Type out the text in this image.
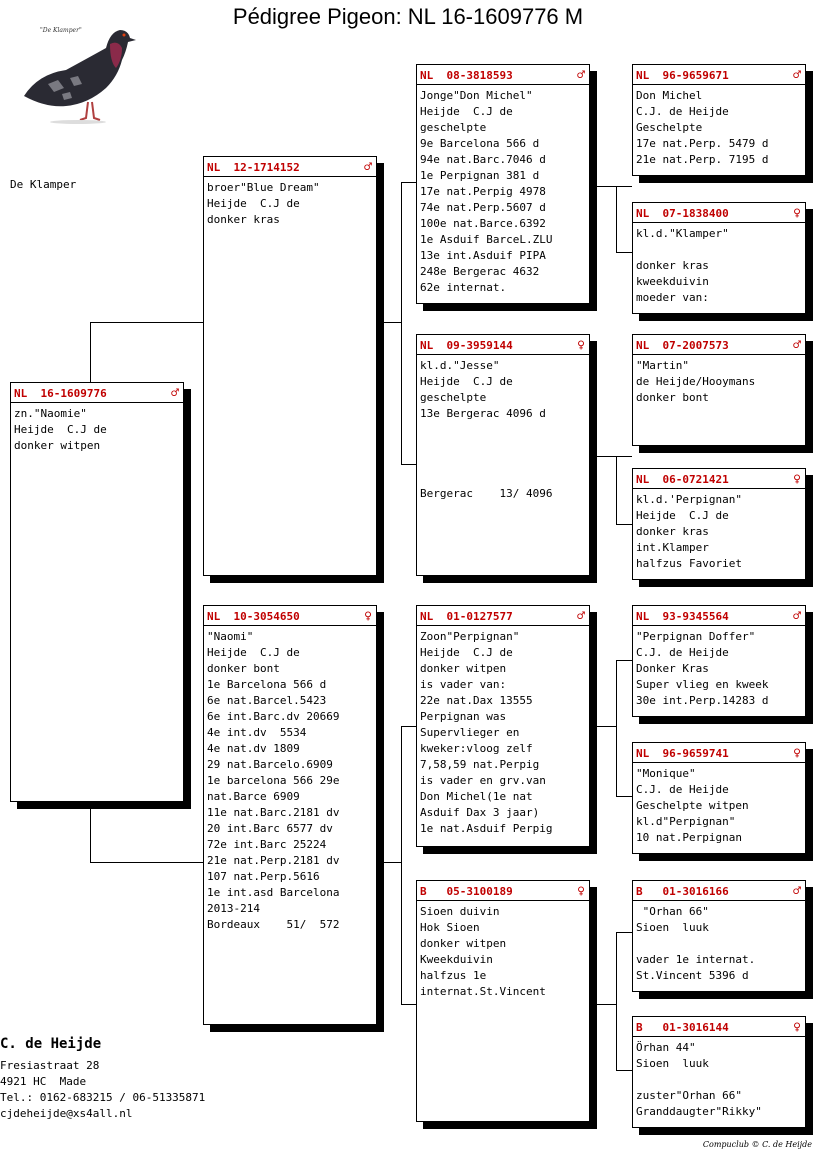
Pédigree Pigeon: NL 16-1609776 M
"De Klamper"
De Klamper
NL  16-1609776	♂
zn."Naomie"
Heijde  C.J de
donker witpen
NL  12-1714152	♂
broer"Blue Dream"
Heijde  C.J de
donker kras
NL  10-3054650	♀
"Naomi"
Heijde  C.J de
donker bont
1e Barcelona 566 d
6e nat.Barcel.5423
6e int.Barc.dv 20669
4e int.dv  5534
4e nat.dv 1809
29 nat.Barcelo.6909
1e barcelona 566 29e
nat.Barce 6909
11e nat.Barc.2181 dv
20 int.Barc 6577 dv
72e int.Barc 25224
21e nat.Perp.2181 dv
107 nat.Perp.5616
1e int.asd Barcelona
2013-214
Bordeaux    51/  572
NL  08-3818593	♂
Jonge"Don Michel"
Heijde  C.J de
geschelpte
9e Barcelona 566 d
94e nat.Barc.7046 d
1e Perpignan 381 d
17e nat.Perpig 4978
74e nat.Perp.5607 d
100e nat.Barce.6392
1e Asduif BarceL.ZLU
13e int.Asduif PIPA
248e Bergerac 4632
62e internat.
NL  09-3959144	♀
kl.d."Jesse"
Heijde  C.J de
geschelpte
13e Bergerac 4096 d

Bergerac    13/ 4096
NL  01-0127577	♂
Zoon"Perpignan"
Heijde  C.J de
donker witpen
is vader van:
22e nat.Dax 13555
Perpignan was
Supervlieger en
kweker:vloog zelf
7,58,59 nat.Perpig
is vader en grv.van
Don Michel(1e nat
Asduif Dax 3 jaar)
1e nat.Asduif Perpig
B   05-3100189	♀
Sioen duivin
Hok Sioen
donker witpen
Kweekduivin
halfzus 1e
internat.St.Vincent
NL  96-9659671	♂
Don Michel
C.J. de Heijde
Geschelpte
17e nat.Perp. 5479 d
21e nat.Perp. 7195 d
NL  07-1838400	♀
kl.d."Klamper"

donker kras
kweekduivin
moeder van:
NL  07-2007573	♂
"Martin"
de Heijde/Hooymans
donker bont
NL  06-0721421	♀
kl.d.'Perpignan"
Heijde  C.J de
donker kras
int.Klamper
halfzus Favoriet
NL  93-9345564	♂
"Perpignan Doffer"
C.J. de Heijde
Donker Kras
Super vlieg en kweek
30e int.Perp.14283 d
NL  96-9659741	♀
"Monique"
C.J. de Heijde
Geschelpte witpen
kl.d"Perpignan"
10 nat.Perpignan
B   01-3016166	♂
"Orhan 66"
Sioen  luuk

vader 1e internat.
St.Vincent 5396 d
B   01-3016144	♀
Örhan 44"
Sioen  luuk

zuster"Orhan 66"
Granddaugter"Rikky"
C. de Heijde
Fresiastraat 28
4921 HC  Made
Tel.: 0162-683215 / 06-51335871
cjdeheijde@xs4all.nl
Compuclub © C. de Heijde
